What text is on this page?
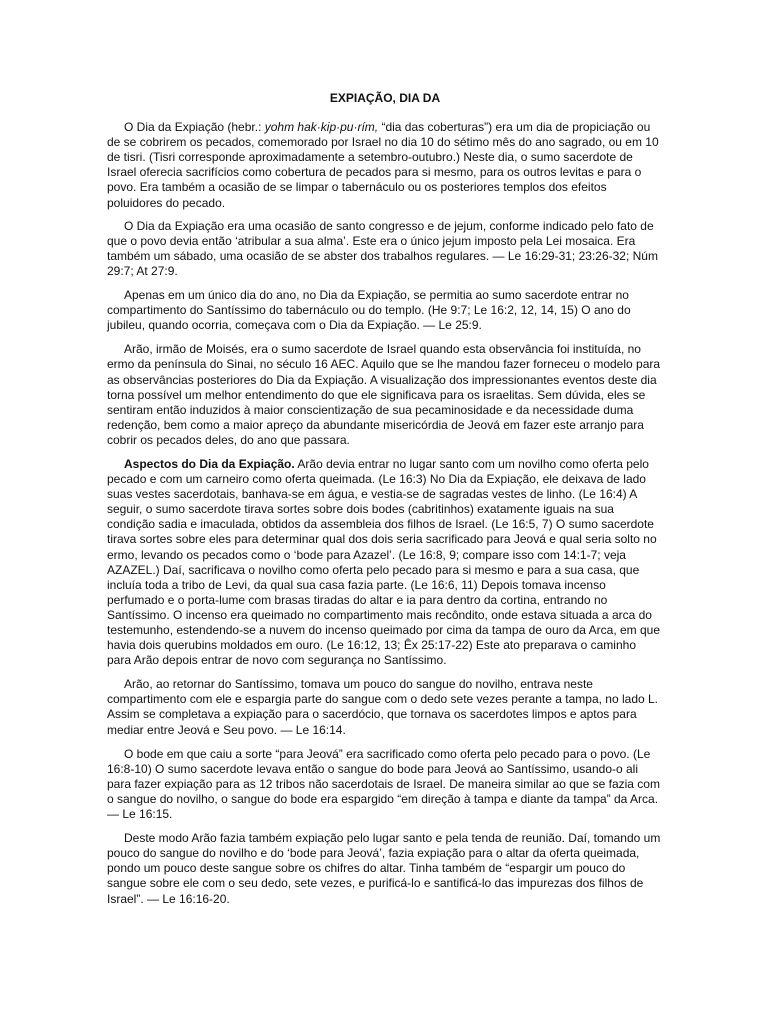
EXPIAÇÃO, DIA DA

O Dia da Expiação (hebr.: yohm hak·kip·pu·rím, “dia das coberturas”) era um dia de propiciação ou de se cobrirem os pecados, comemorado por Israel no dia 10 do sétimo mês do ano sagrado, ou em 10 de tisri. (Tisri corresponde aproximadamente a setembro-outubro.) Neste dia, o sumo sacerdote de Israel oferecia sacrifícios como cobertura de pecados para si mesmo, para os outros levitas e para o povo. Era também a ocasião de se limpar o tabernáculo ou os posteriores templos dos efeitos poluidores do pecado.

O Dia da Expiação era uma ocasião de santo congresso e de jejum, conforme indicado pelo fato de que o povo devia então ‘atribular a sua alma’. Este era o único jejum imposto pela Lei mosaica. Era também um sábado, uma ocasião de se abster dos trabalhos regulares. — Le 16:29-31; 23:26-32; Núm 29:7; At 27:9.

Apenas em um único dia do ano, no Dia da Expiação, se permitia ao sumo sacerdote entrar no compartimento do Santíssimo do tabernáculo ou do templo. (He 9:7; Le 16:2, 12, 14, 15) O ano do jubileu, quando ocorria, começava com o Dia da Expiação. — Le 25:9.

Arão, irmão de Moisés, era o sumo sacerdote de Israel quando esta observância foi instituída, no ermo da península do Sinai, no século 16 AEC. Aquilo que se lhe mandou fazer forneceu o modelo para as observâncias posteriores do Dia da Expiação. A visualização dos impressionantes eventos deste dia torna possível um melhor entendimento do que ele significava para os israelitas. Sem dúvida, eles se sentiram então induzidos à maior conscientização de sua pecaminosidade e da necessidade duma redenção, bem como a maior apreço da abundante misericórdia de Jeová em fazer este arranjo para cobrir os pecados deles, do ano que passara.

Aspectos do Dia da Expiação. Arão devia entrar no lugar santo com um novilho como oferta pelo pecado e com um carneiro como oferta queimada. (Le 16:3) No Dia da Expiação, ele deixava de lado suas vestes sacerdotais, banhava-se em água, e vestia-se de sagradas vestes de linho. (Le 16:4) A seguir, o sumo sacerdote tirava sortes sobre dois bodes (cabritinhos) exatamente iguais na sua condição sadia e imaculada, obtidos da assembleia dos filhos de Israel. (Le 16:5, 7) O sumo sacerdote tirava sortes sobre eles para determinar qual dos dois seria sacrificado para Jeová e qual seria solto no ermo, levando os pecados como o ‘bode para Azazel’. (Le 16:8, 9; compare isso com 14:1-7; veja AZAZEL.) Daí, sacrificava o novilho como oferta pelo pecado para si mesmo e para a sua casa, que incluía toda a tribo de Levi, da qual sua casa fazia parte. (Le 16:6, 11) Depois tomava incenso perfumado e o porta-lume com brasas tiradas do altar e ia para dentro da cortina, entrando no Santíssimo. O incenso era queimado no compartimento mais recôndito, onde estava situada a arca do testemunho, estendendo-se a nuvem do incenso queimado por cima da tampa de ouro da Arca, em que havia dois querubins moldados em ouro. (Le 16:12, 13; Êx 25:17-22) Este ato preparava o caminho para Arão depois entrar de novo com segurança no Santíssimo.

Arão, ao retornar do Santíssimo, tomava um pouco do sangue do novilho, entrava neste compartimento com ele e espargia parte do sangue com o dedo sete vezes perante a tampa, no lado L. Assim se completava a expiação para o sacerdócio, que tornava os sacerdotes limpos e aptos para mediar entre Jeová e Seu povo. — Le 16:14.

O bode em que caiu a sorte “para Jeová” era sacrificado como oferta pelo pecado para o povo. (Le 16:8-10) O sumo sacerdote levava então o sangue do bode para Jeová ao Santíssimo, usando-o ali para fazer expiação para as 12 tribos não sacerdotais de Israel. De maneira similar ao que se fazia com o sangue do novilho, o sangue do bode era espargido “em direção à tampa e diante da tampa” da Arca. — Le 16:15.

Deste modo Arão fazia também expiação pelo lugar santo e pela tenda de reunião. Daí, tomando um pouco do sangue do novilho e do ‘bode para Jeová’, fazia expiação para o altar da oferta queimada, pondo um pouco deste sangue sobre os chifres do altar. Tinha também de “espargir um pouco do sangue sobre ele com o seu dedo, sete vezes, e purificá-lo e santificá-lo das impurezas dos filhos de Israel”. — Le 16:16-20.
